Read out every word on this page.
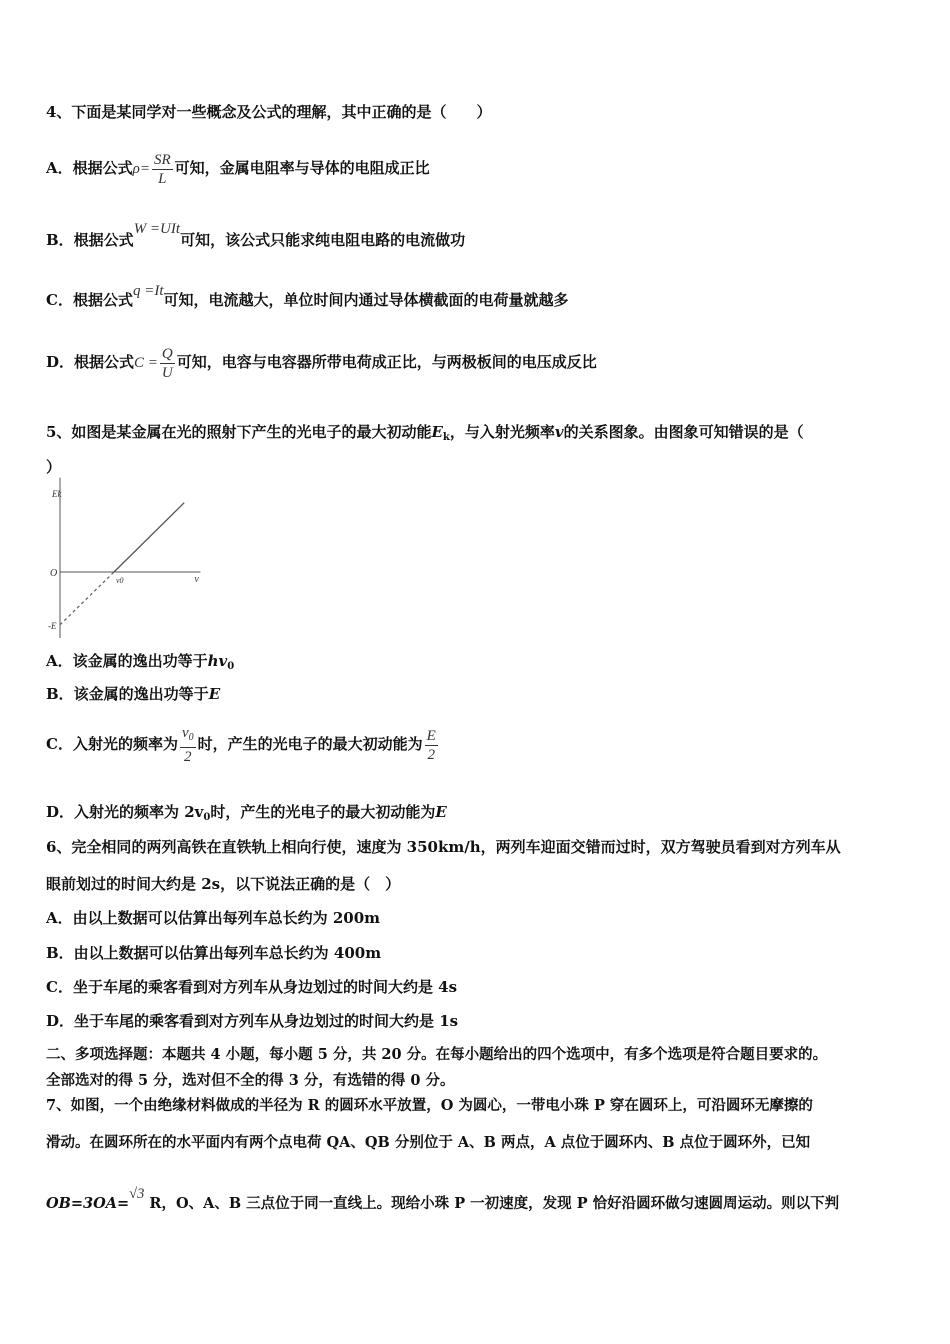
4、下面是某同学对一些概念及公式的理解，其中正确的是（　　）
A．根据公式$\rho= \frac{SR}{L}$ 可知，金属电阻率与导体的电阻成正比
B．根据公式W =UIt可知，该公式只能求纯电阻电路的电流做功
C．根据公式q =It可知，电流越大，单位时间内通过导体横截面的电荷量就越多
D．根据公式$C = \frac{Q}{U}$ 可知，电容与电容器所带电荷成正比，与两极板间的电压成反比
5、如图是某金属在光的照射下产生的光电子的最大初动能$E_k$，与入射光频率v的关系图象。由图象可知错误的是（
）
Ek
O
ν
ν0
-E
A．该金属的逸出功等于$hv_0$
B．该金属的逸出功等于E
C．入射光的频率为 $\frac{v_0}{2}$ 时，产生的光电子的最大初动能为 $\frac{E}{2}$
D．入射光的频率为 $2v_0$时，产生的光电子的最大初动能为E
6、完全相同的两列高铁在直铁轨上相向行使，速度为 350km/h，两列车迎面交错而过时，双方驾驶员看到对方列车从
眼前划过的时间大约是 2s，以下说法正确的是（　）
A．由以上数据可以估算出每列车总长约为 200m
B．由以上数据可以估算出每列车总长约为 400m
C．坐于车尾的乘客看到对方列车从身边划过的时间大约是 4s
D．坐于车尾的乘客看到对方列车从身边划过的时间大约是 1s
二、多项选择题：本题共 4 小题，每小题 5 分，共 20 分。在每小题给出的四个选项中，有多个选项是符合题目要求的。
全部选对的得 5 分，选对但不全的得 3 分，有选错的得 0 分。
7、如图，一个由绝缘材料做成的半径为 R 的圆环水平放置，O 为圆心，一带电小珠 P 穿在圆环上，可沿圆环无摩擦的
滑动。在圆环所在的水平面内有两个点电荷 QA、QB 分别位于 A、B 两点，A 点位于圆环内、B 点位于圆环外，已知
OB=3OA=√3 R，O、A、B 三点位于同一直线上。现给小珠 P 一初速度，发现 P 恰好沿圆环做匀速圆周运动。则以下判
